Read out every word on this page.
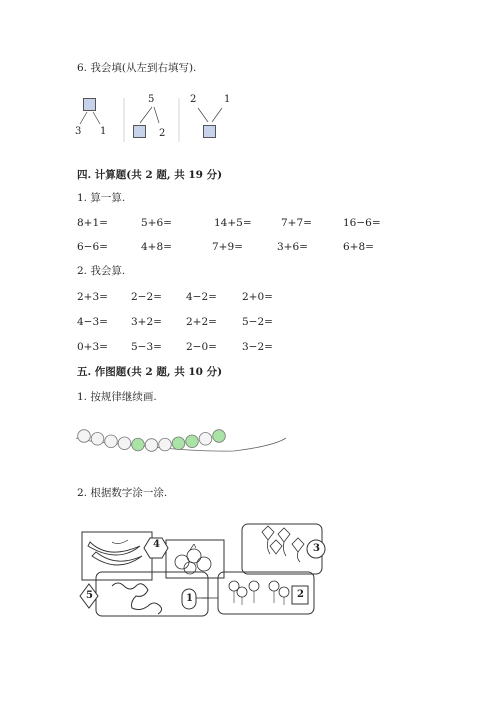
6. 我会填(从左到右填写).
3 1
5
2
2	1
四. 计算题(共 2 题, 共 19 分)
1. 算一算.
8+1=	5+6=	14+5=	7+7=	16−6=
6−6=	4+8=	7+9=	3+6=	6+8=
2. 我会算.
2+3= 2−2= 4−2= 2+0=
4−3= 3+2= 2+2= 5−2=
0+3= 5−3= 2−0= 3−2=
五. 作图题(共 2 题, 共 10 分)
1. 按规律继续画.
2. 根据数字涂一涂.
4	3
5	1	2
